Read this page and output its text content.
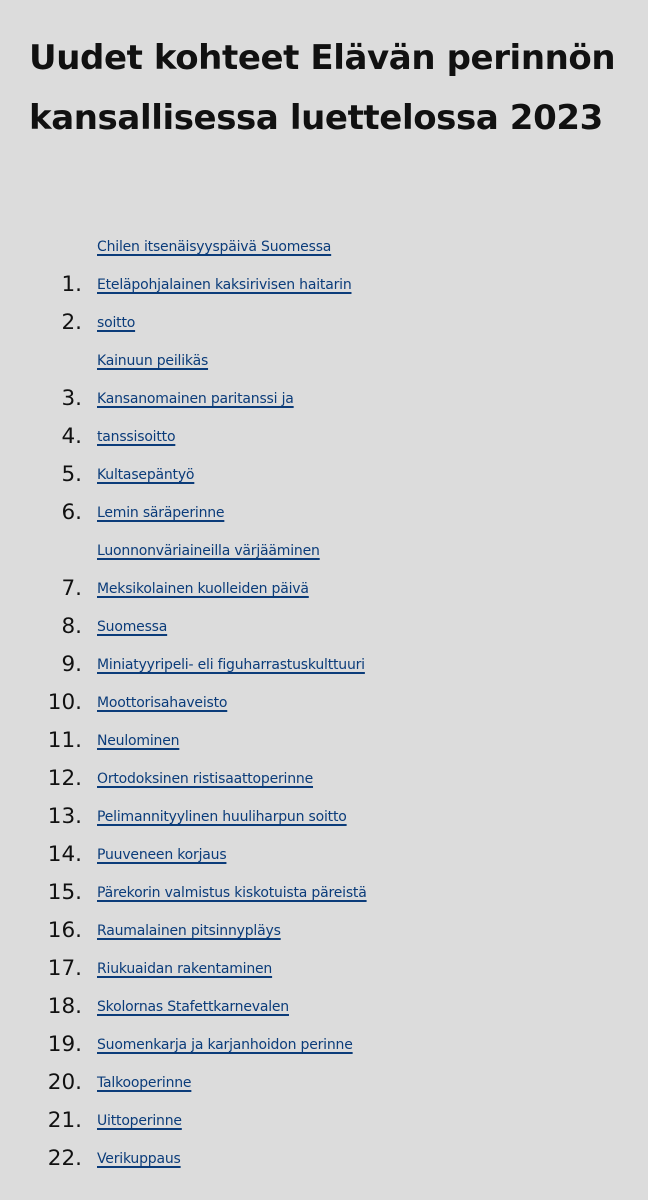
Uudet kohteet Elävän perinnön kansallisessa luettelossa 2023
1.
Chilen itsenäisyyspäivä Suomessa
Eteläpohjalainen kaksirivisen haitarin
2. soitto
3.
Kainuun peilikäs
Kansanomainen paritanssi ja
4. tanssisoitto
5. Kultasepäntyö
6. Lemin säräperinne
7.
Luonnonväriaineilla värjääminen
Meksikolainen kuolleiden päivä
8. Suomessa
9. Miniatyyripeli- eli figuharrastuskulttuuri
10. Moottorisahaveisto
11. Neulominen
12. Ortodoksinen ristisaattoperinne
13. Pelimannityylinen huuliharpun soitto
14. Puuveneen korjaus
15. Pärekorin valmistus kiskotuista päreistä
16. Raumalainen pitsinnypläys
17. Riukuaidan rakentaminen
18. Skolornas Stafettkarnevalen
19. Suomenkarja ja karjanhoidon perinne
20. Talkooperinne
21. Uittoperinne
22. Verikuppaus
